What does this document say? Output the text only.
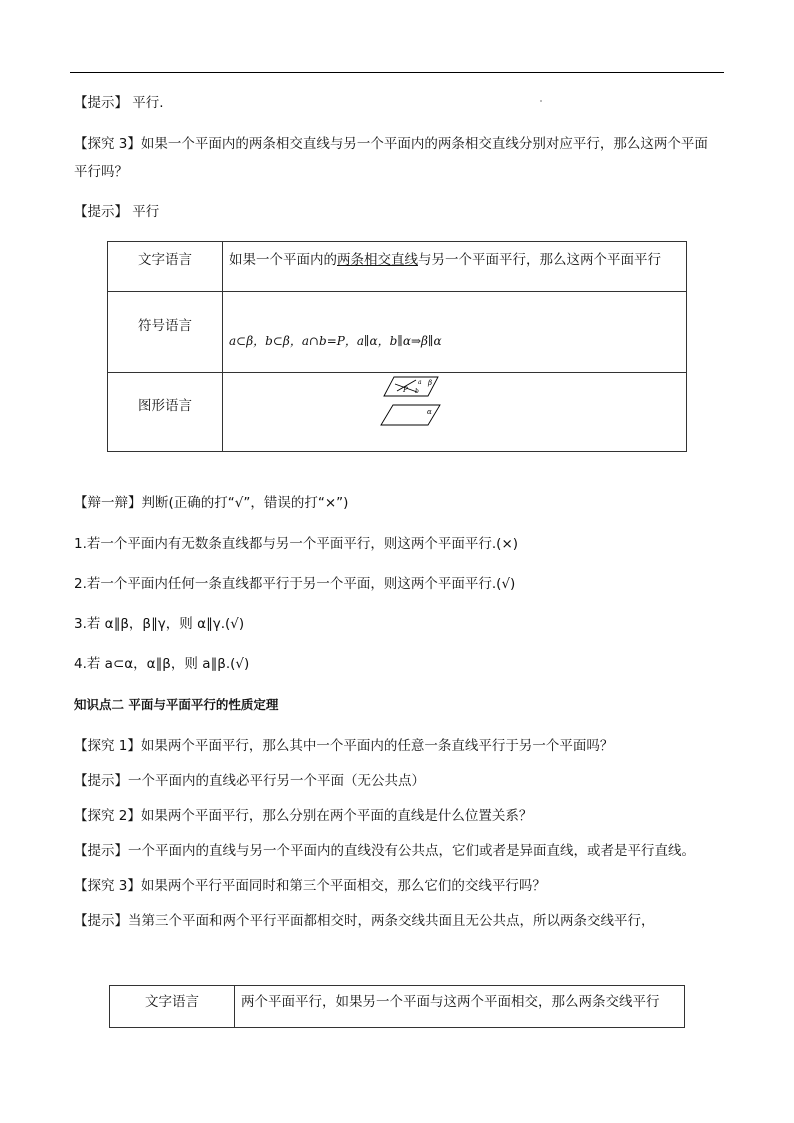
【提示】 平行.
【探究 3】如果一个平面内的两条相交直线与另一个平面内的两条相交直线分别对应平行，那么这两个平面
平行吗？
【提示】 平行
文字语言	如果一个平面内的两条相交直线与另一个平面平行，那么这两个平面平行
符号语言	a⊂β，b⊂β，a∩b=P，a∥α，b∥α⇒β∥α
图形语言	P
a
b
β
α
【辩一辩】判断(正确的打“√”，错误的打“×”)
1.若一个平面内有无数条直线都与另一个平面平行，则这两个平面平行.(×)
2.若一个平面内任何一条直线都平行于另一个平面，则这两个平面平行.(√)
3.若 α∥β，β∥γ，则 α∥γ.(√)
4.若 a⊂α，α∥β，则 a∥β.(√)
知识点二 平面与平面平行的性质定理
【探究 1】如果两个平面平行，那么其中一个平面内的任意一条直线平行于另一个平面吗？
【提示】一个平面内的直线必平行另一个平面（无公共点）
【探究 2】如果两个平面平行，那么分别在两个平面的直线是什么位置关系？
【提示】一个平面内的直线与另一个平面内的直线没有公共点，它们或者是异面直线，或者是平行直线。
【探究 3】如果两个平行平面同时和第三个平面相交，那么它们的交线平行吗？
【提示】当第三个平面和两个平行平面都相交时，两条交线共面且无公共点，所以两条交线平行，
文字语言	两个平面平行，如果另一个平面与这两个平面相交，那么两条交线平行
